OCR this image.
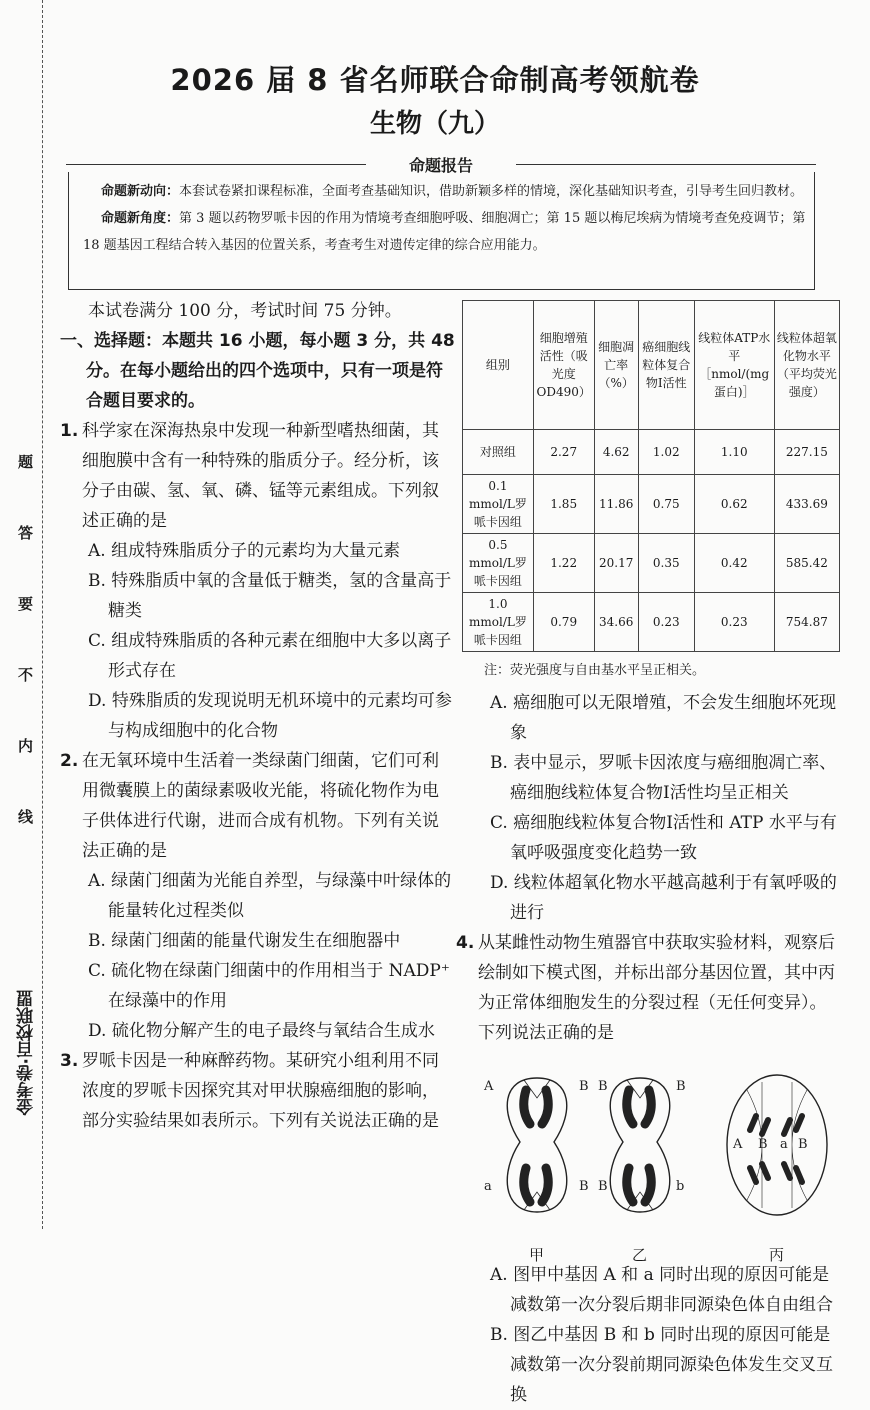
题
答
要
不
内
线
金考卷·百校联盟
2026 届 8 省名师联合命制高考领航卷
生物（九）
命题报告

命题新动向：本套试卷紧扣课程标准，全面考查基础知识，借助新颖多样的情境，深化基础知识考查，引导考生回归教材。

命题新角度：第 3 题以药物罗哌卡因的作用为情境考查细胞呼吸、细胞凋亡；第 15 题以梅尼埃病为情境考查免疫调节；第 18 题基因工程结合转入基因的位置关系，考查考生对遗传定律的综合应用能力。

本试卷满分 100 分，考试时间 75 分钟。

一、选择题：本题共 16 小题，每小题 3 分，共 48 分。在每小题给出的四个选项中，只有一项是符合题目要求的。

1. 科学家在深海热泉中发现一种新型嗜热细菌，其细胞膜中含有一种特殊的脂质分子。经分析，该分子由碳、氢、氧、磷、锰等元素组成。下列叙述正确的是

A. 组成特殊脂质分子的元素均为大量元素

B. 特殊脂质中氧的含量低于糖类，氢的含量高于糖类

C. 组成特殊脂质的各种元素在细胞中大多以离子形式存在

D. 特殊脂质的发现说明无机环境中的元素均可参与构成细胞中的化合物

2. 在无氧环境中生活着一类绿菌门细菌，它们可利用微囊膜上的菌绿素吸收光能，将硫化物作为电子供体进行代谢，进而合成有机物。下列有关说法正确的是

A. 绿菌门细菌为光能自养型，与绿藻中叶绿体的能量转化过程类似

B. 绿菌门细菌的能量代谢发生在细胞器中

C. 硫化物在绿菌门细菌中的作用相当于 NADP⁺在绿藻中的作用

D. 硫化物分解产生的电子最终与氧结合生成水

3. 罗哌卡因是一种麻醉药物。某研究小组利用不同浓度的罗哌卡因探究其对甲状腺癌细胞的影响，部分实验结果如表所示。下列有关说法正确的是

组别	细胞增殖活性（吸光度OD490）	细胞凋亡率（%）	癌细胞线粒体复合物Ⅰ活性	线粒体ATP水平［nmol/(mg蛋白)］	线粒体超氧化物水平（平均荧光强度）
对照组	2.27	4.62	1.02	1.10	227.15
0.1 mmol/L罗哌卡因组	1.85	11.86	0.75	0.62	433.69
0.5 mmol/L罗哌卡因组	1.22	20.17	0.35	0.42	585.42
1.0 mmol/L罗哌卡因组	0.79	34.66	0.23	0.23	754.87

注：荧光强度与自由基水平呈正相关。

A. 癌细胞可以无限增殖，不会发生细胞坏死现象

B. 表中显示，罗哌卡因浓度与癌细胞凋亡率、癌细胞线粒体复合物Ⅰ活性均呈正相关

C. 癌细胞线粒体复合物Ⅰ活性和 ATP 水平与有氧呼吸强度变化趋势一致

D. 线粒体超氧化物水平越高越利于有氧呼吸的进行

4. 从某雌性动物生殖器官中获取实验材料，观察后绘制如下模式图，并标出部分基因位置，其中丙为正常体细胞发生的分裂过程（无任何变异）。下列说法正确的是

A	B
a	B
B	B
B	b
A B a B
甲	乙	丙

A. 图甲中基因 A 和 a 同时出现的原因可能是减数第一次分裂后期非同源染色体自由组合

B. 图乙中基因 B 和 b 同时出现的原因可能是减数第一次分裂前期同源染色体发生交叉互换
